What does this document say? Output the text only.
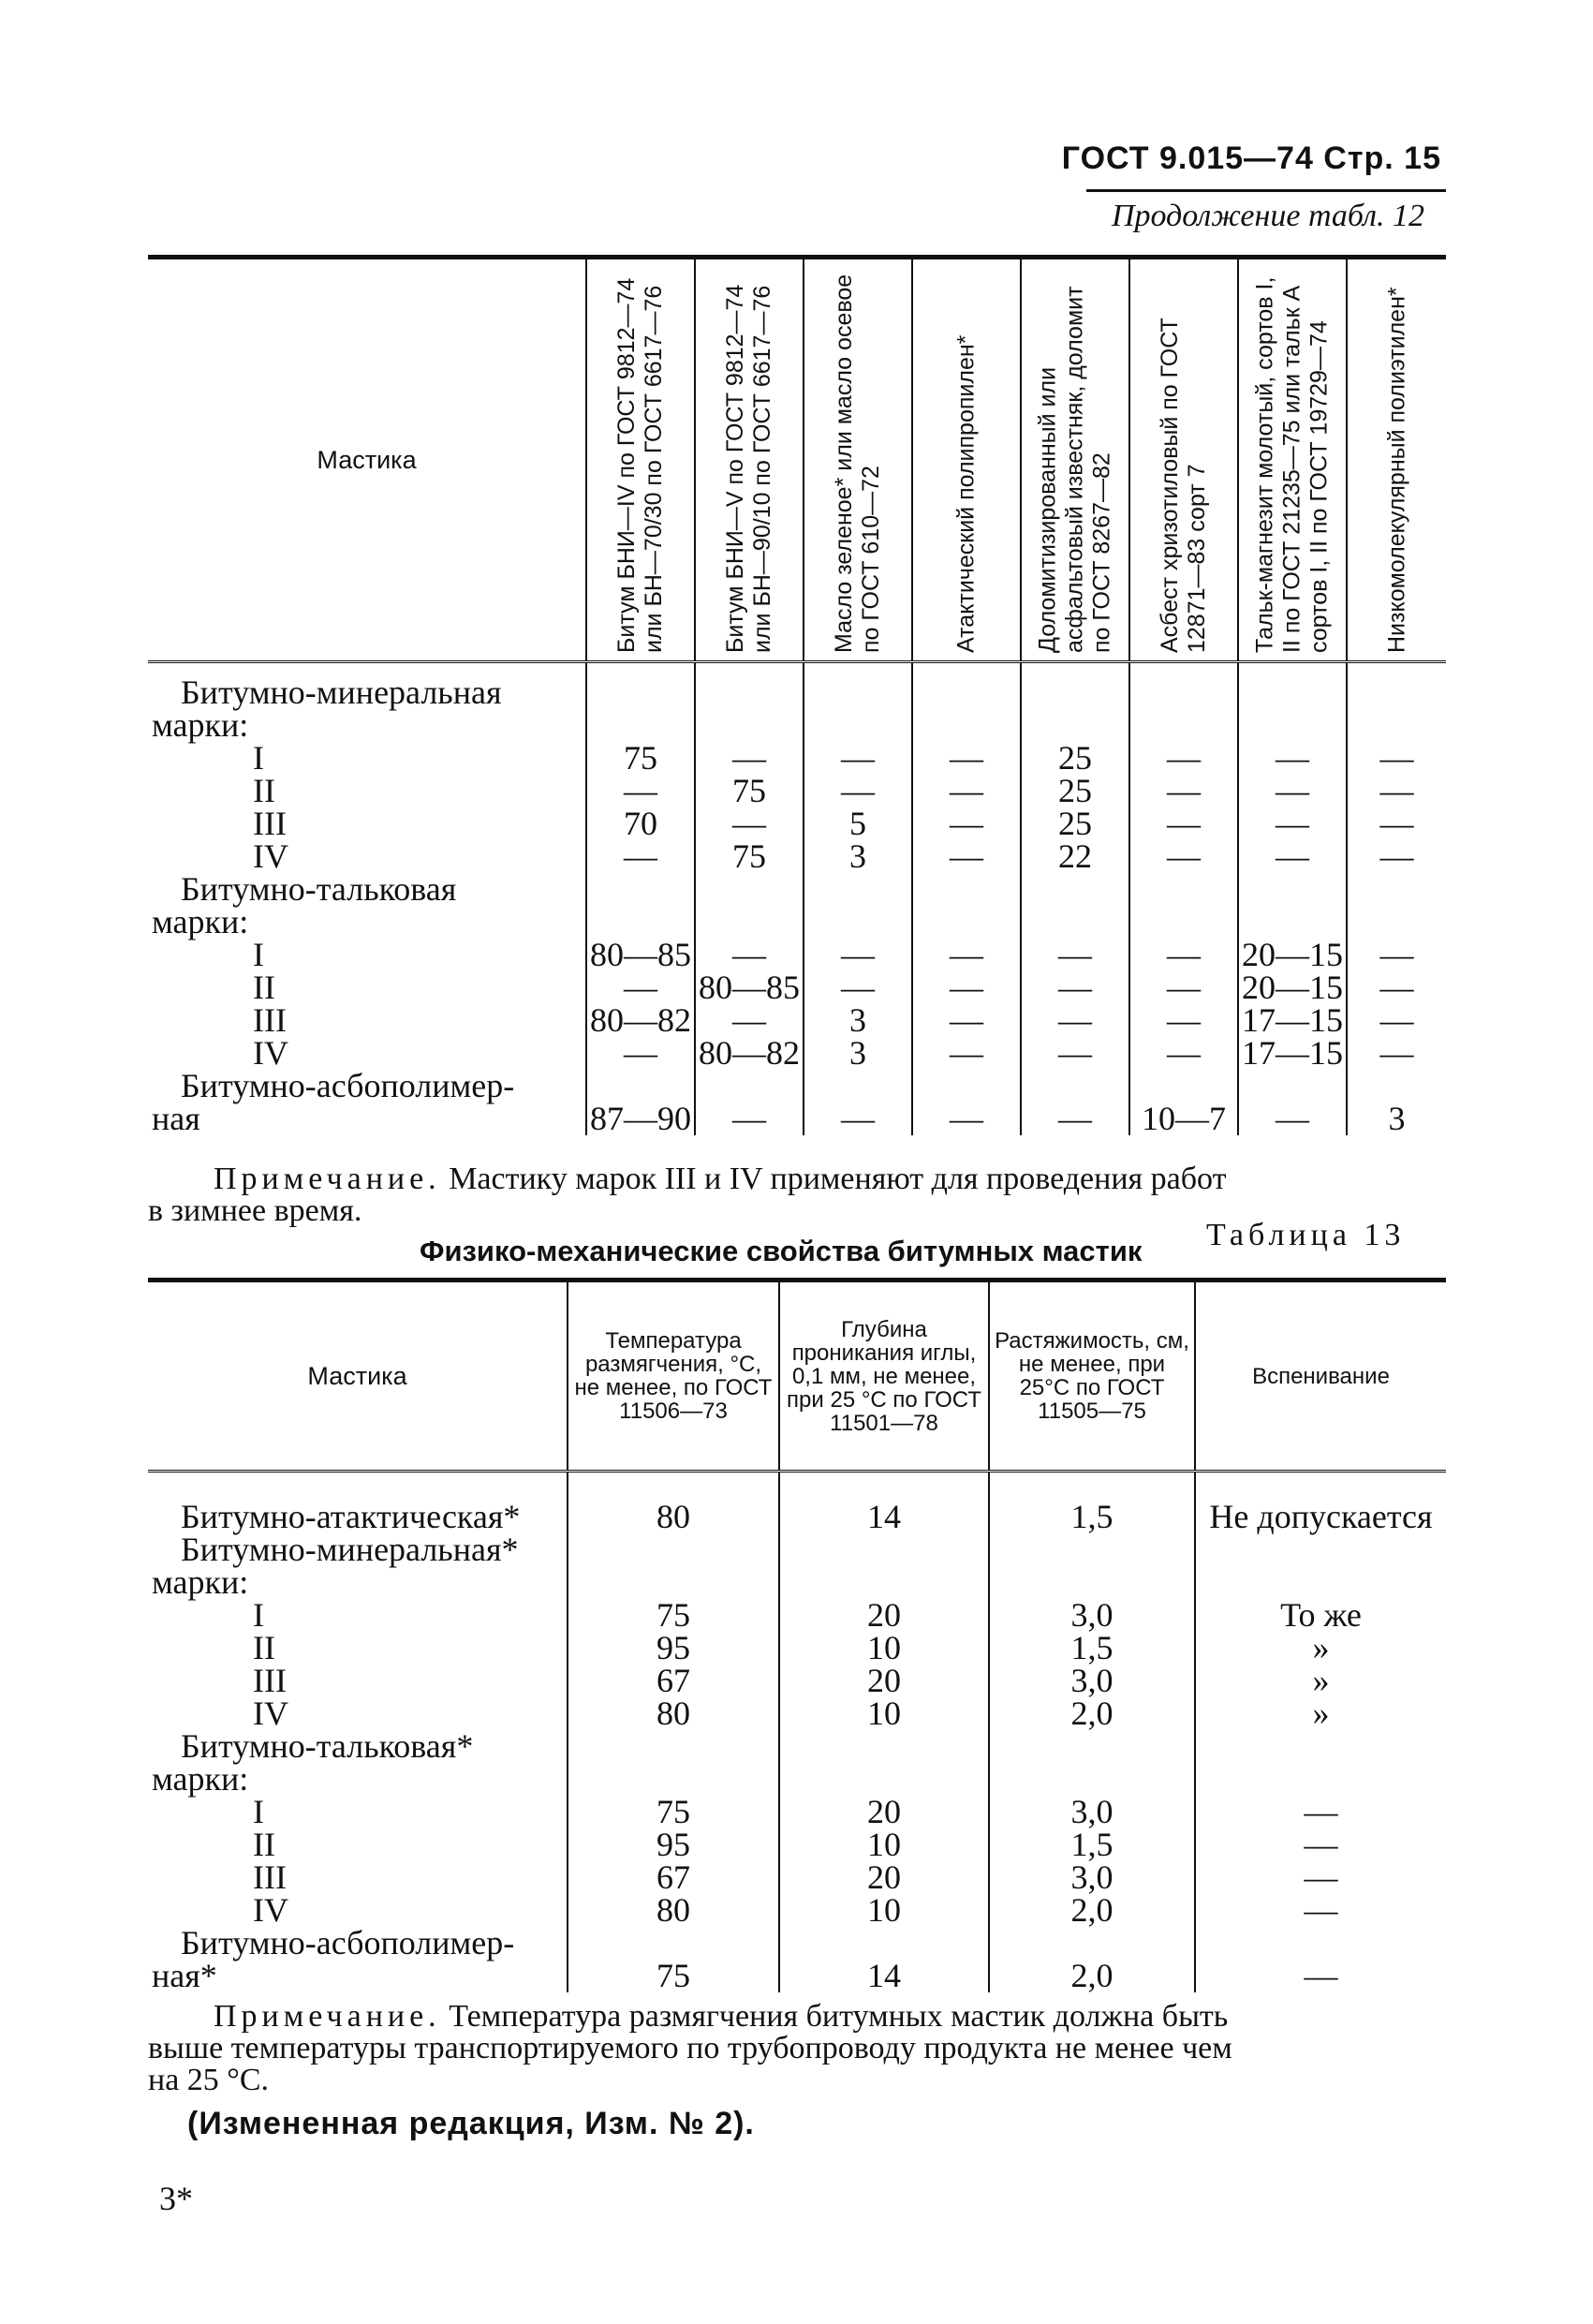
ГОСТ 9.015—74 Стр. 15
Продолжение табл. 12
Мастика	Битум БНИ—IV по ГОСТ 9812—74 или БН—70/30 по ГОСТ 6617—76	Битум БНИ—V по ГОСТ 9812—74 или БН—90/10 по ГОСТ 6617—76	Масло зеленое* или масло осевое по ГОСТ 610—72	Атактический полипропилен*	Доломитизированный или асфальтовый известняк, доломит по ГОСТ 8267—82	Асбест хризотиловый по ГОСТ 12871—83 сорт 7	Тальк-магнезит молотый, сортов I, II по ГОСТ 21235—75 или тальк А сортов I, II по ГОСТ 19729—74	Низкомолекулярный полиэтилен*

Битумно-минеральная								
марки:								
I	75	—	—	—	25	—	—	—
II	—	75	—	—	25	—	—	—
III	70	—	5	—	25	—	—	—
IV	—	75	3	—	22	—	—	—
Битумно-тальковая								
марки:								
I	80—85	—	—	—	—	—	20—15	—
II	—	80—85	—	—	—	—	20—15	—
III	80—82	—	3	—	—	—	17—15	—
IV	—	80—82	3	—	—	—	17—15	—
Битумно-асбополимер-								
ная	87—90	—	—	—	—	10—7	—	3
Примечание. Мастику марок III и IV применяют для проведения работ
в зимнее время.
Физико-механические свойства битумных мастик Таблица 13
Мастика	Температура размягчения, °С, не менее, по ГОСТ 11506—73	Глубина проникания иглы, 0,1 мм, не менее, при 25 °С по ГОСТ 11501—78	Растяжимость, см, не менее, при 25°С по ГОСТ 11505—75	Вспенивание

Битумно-атактическая*	80	14	1,5	Не допускается
Битумно-минеральная*				
марки:				
I	75	20	3,0	То же
II	95	10	1,5	»
III	67	20	3,0	»
IV	80	10	2,0	»
Битумно-тальковая*				
марки:				
I	75	20	3,0	—
II	95	10	1,5	—
III	67	20	3,0	—
IV	80	10	2,0	—
Битумно-асбополимер-				
ная*	75	14	2,0	—
Примечание. Температура размягчения битумных мастик должна быть
выше температуры транспортируемого по трубопроводу продукта не менее чем
на 25 °С.
(Измененная редакция, Изм. № 2).
3*
